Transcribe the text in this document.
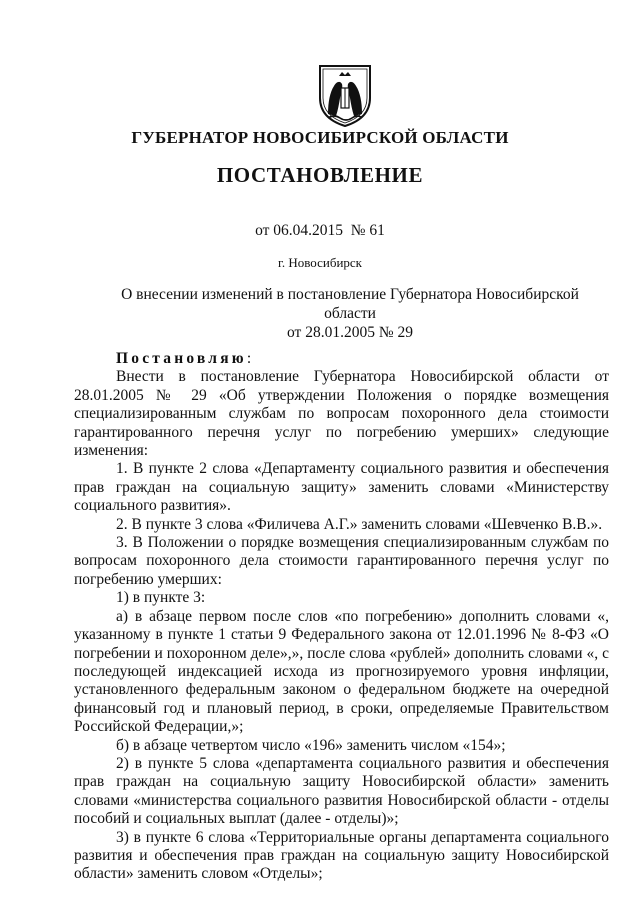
ГУБЕРНАТОР НОВОСИБИРСКОЙ ОБЛАСТИ
ПОСТАНОВЛЕНИЕ
от 06.04.2015  № 61
г. Новосибирск
О внесении изменений в постановление Губернатора Новосибирской области
от 28.01.2005 № 29

Постановляю:

Внести в постановление Губернатора Новосибирской области от 28.01.2005 № 29 «Об утверждении Положения о порядке возмещения специализированным службам по вопросам похоронного дела стоимости гарантированного перечня услуг по погребению умерших» следующие изменения:

1. В пункте 2 слова «Департаменту социального развития и обеспечения прав граждан на социальную защиту» заменить словами «Министерству социального развития».

2. В пункте 3 слова «Филичева А.Г.» заменить словами «Шевченко В.В.».

3. В Положении о порядке возмещения специализированным службам по вопросам похоронного дела стоимости гарантированного перечня услуг по погребению умерших:

1) в пункте 3:

а) в абзаце первом после слов «по погребению» дополнить словами «, указанному в пункте 1 статьи 9 Федерального закона от 12.01.1996 № 8-ФЗ «О погребении и похоронном деле»,», после слова «рублей» дополнить словами «, с последующей индексацией исхода из прогнозируемого уровня инфляции, установленного федеральным законом о федеральном бюджете на очередной финансовый год и плановый период, в сроки, определяемые Правительством Российской Федерации,»;

б) в абзаце четвертом число «196» заменить числом «154»;

2) в пункте 5 слова «департамента социального развития и обеспечения прав граждан на социальную защиту Новосибирской области» заменить словами «министерства социального развития Новосибирской области - отделы пособий и социальных выплат (далее - отделы)»;

3) в пункте 6 слова «Территориальные органы департамента социального развития и обеспечения прав граждан на социальную защиту Новосибирской области» заменить словом «Отделы»;
